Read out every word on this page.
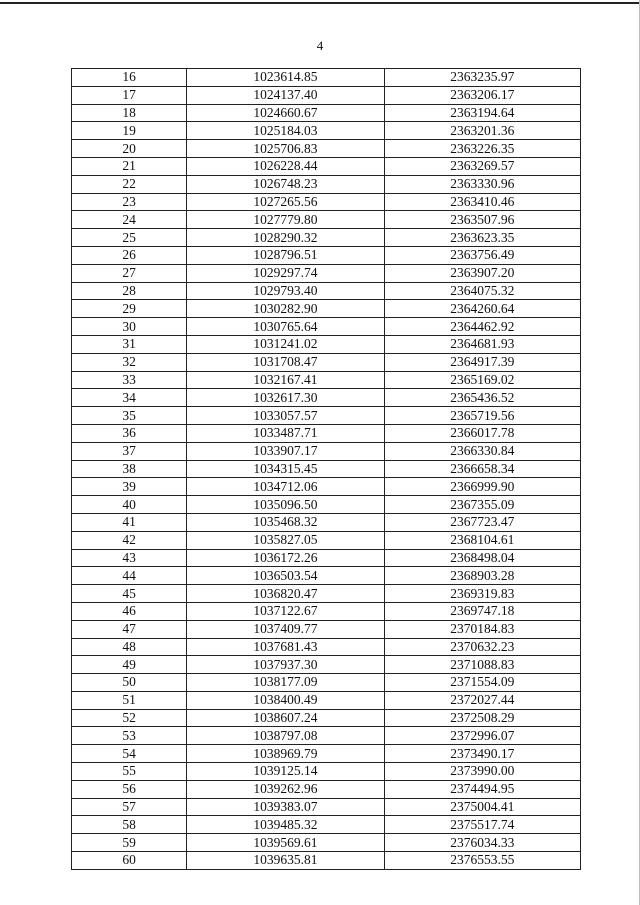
4
16	1023614.85	2363235.97
17	1024137.40	2363206.17
18	1024660.67	2363194.64
19	1025184.03	2363201.36
20	1025706.83	2363226.35
21	1026228.44	2363269.57
22	1026748.23	2363330.96
23	1027265.56	2363410.46
24	1027779.80	2363507.96
25	1028290.32	2363623.35
26	1028796.51	2363756.49
27	1029297.74	2363907.20
28	1029793.40	2364075.32
29	1030282.90	2364260.64
30	1030765.64	2364462.92
31	1031241.02	2364681.93
32	1031708.47	2364917.39
33	1032167.41	2365169.02
34	1032617.30	2365436.52
35	1033057.57	2365719.56
36	1033487.71	2366017.78
37	1033907.17	2366330.84
38	1034315.45	2366658.34
39	1034712.06	2366999.90
40	1035096.50	2367355.09
41	1035468.32	2367723.47
42	1035827.05	2368104.61
43	1036172.26	2368498.04
44	1036503.54	2368903.28
45	1036820.47	2369319.83
46	1037122.67	2369747.18
47	1037409.77	2370184.83
48	1037681.43	2370632.23
49	1037937.30	2371088.83
50	1038177.09	2371554.09
51	1038400.49	2372027.44
52	1038607.24	2372508.29
53	1038797.08	2372996.07
54	1038969.79	2373490.17
55	1039125.14	2373990.00
56	1039262.96	2374494.95
57	1039383.07	2375004.41
58	1039485.32	2375517.74
59	1039569.61	2376034.33
60	1039635.81	2376553.55
